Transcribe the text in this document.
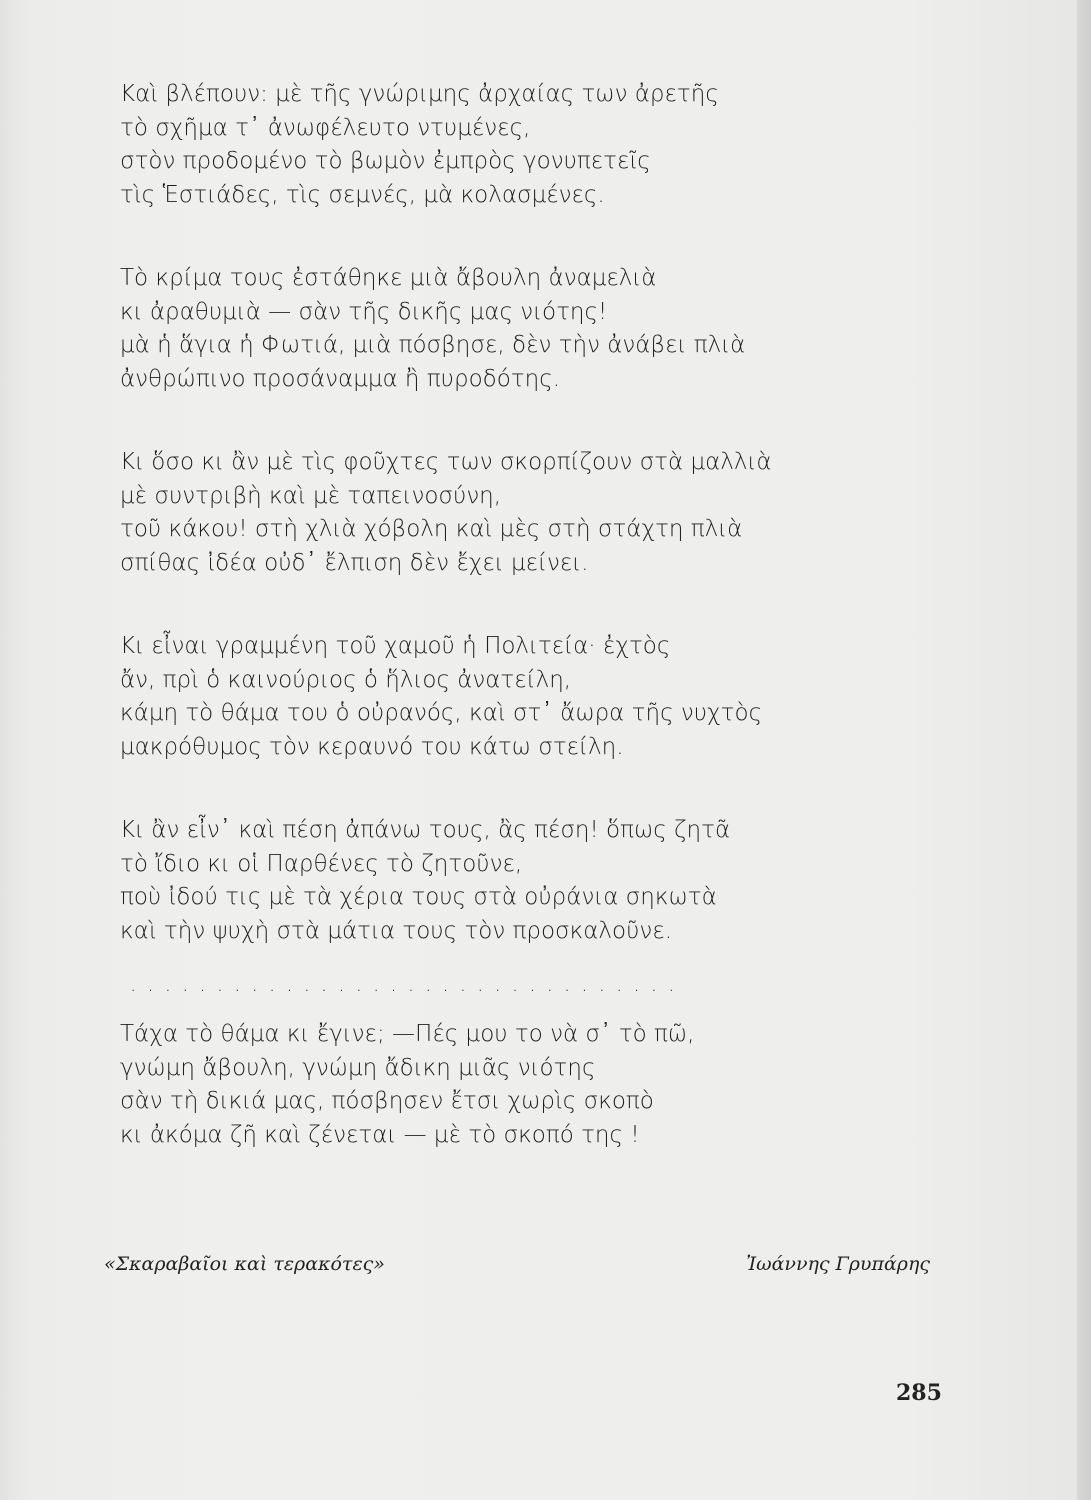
Καὶ βλέπουν: μὲ τῆς γνώριμης ἀρχαίας των ἀρετῆς
τὸ σχῆμα τ᾽ ἀνωφέλευτο ντυμένες,
στὸν προδομένο τὸ βωμὸν ἐμπρὸς γονυπετεῖς
τὶς Ἑστιάδες, τὶς σεμνές, μὰ κολασμένες.
Τὸ κρίμα τους ἐστάθηκε μιὰ ἄβουλη ἀναμελιὰ
κι ἀραθυμιὰ — σὰν τῆς δικῆς μας νιότης!
μὰ ἡ ἅγια ἡ Φωτιά, μιὰ πόσβησε, δὲν τὴν ἀνάβει πλιὰ
ἀνθρώπινο προσάναμμα ἢ πυροδότης.
Κι ὅσο κι ἂν μὲ τὶς φοῦχτες των σκορπίζουν στὰ μαλλιὰ
μὲ συντριβὴ καὶ μὲ ταπεινοσύνη,
τοῦ κάκου! στὴ χλιὰ χόβολη καὶ μὲς στὴ στάχτη πλιὰ
σπίθας ἰδέα οὐδ᾽ ἔλπιση δὲν ἔχει μείνει.
Κι εἶναι γραμμένη τοῦ χαμοῦ ἡ Πολιτεία· ἐχτὸς
ἄν, πρὶ ὁ καινούριος ὁ ἥλιος ἀνατείλη,
κάμη τὸ θάμα του ὁ οὐρανός, καὶ στ᾽ ἄωρα τῆς νυχτὸς
μακρόθυμος τὸν κεραυνό του κάτω στείλη.
Κι ἂν εἶν᾽ καὶ πέση ἀπάνω τους, ἂς πέση! ὅπως ζητᾶ
τὸ ἴδιο κι οἱ Παρθένες τὸ ζητοῦνε,
ποὺ ἰδού τις μὲ τὰ χέρια τους στὰ οὐράνια σηκωτὰ
καὶ τὴν ψυχὴ στὰ μάτια τους τὸν προσκαλοῦνε.
................................
Τάχα τὸ θάμα κι ἔγινε; —Πές μου το νὰ σ᾽ τὸ πῶ,
γνώμη ἄβουλη, γνώμη ἄδικη μιᾶς νιότης
σὰν τὴ δικιά μας, πόσβησεν ἔτσι χωρὶς σκοπὸ
κι ἀκόμα ζῆ καὶ ζένεται — μὲ τὸ σκοπό της !
«Σκαραβαῖοι καὶ τερακότες»	Ἰωάννης Γρυπάρης
285
